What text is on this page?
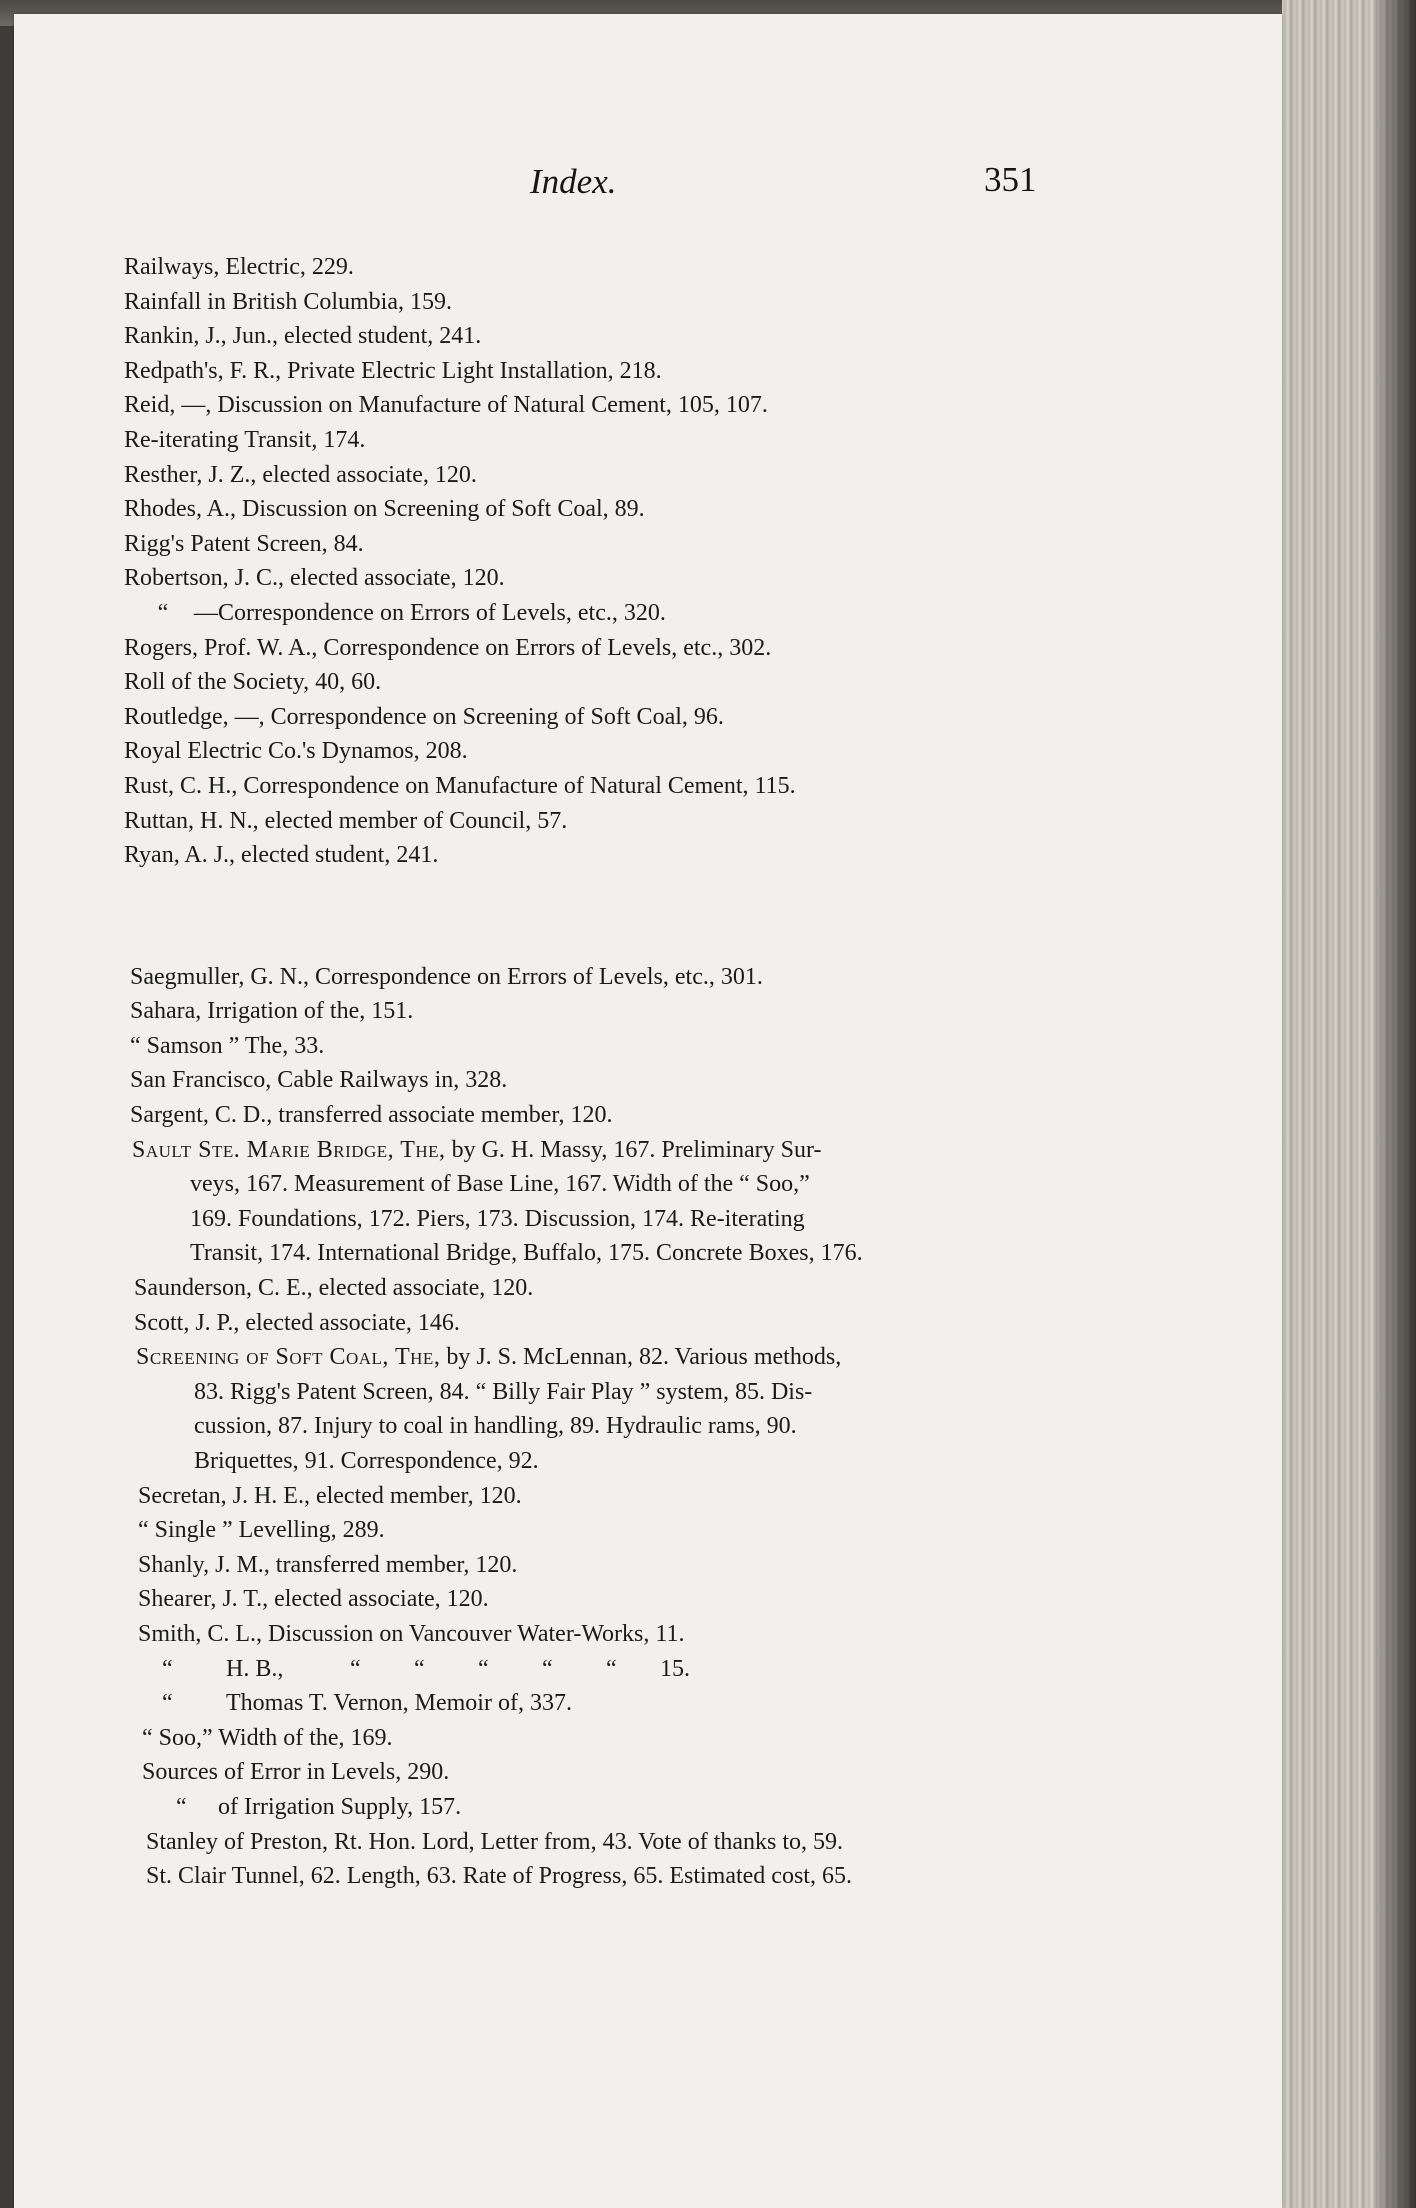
Index.	351
Railways, Electric, 229.
Rainfall in British Columbia, 159.
Rankin, J., Jun., elected student, 241.
Redpath's, F. R., Private Electric Light Installation, 218.
Reid, —, Discussion on Manufacture of Natural Cement, 105, 107.
Re-iterating Transit, 174.
Resther, J. Z., elected associate, 120.
Rhodes, A., Discussion on Screening of Soft Coal, 89.
Rigg's Patent Screen, 84.
Robertson, J. C., elected associate, 120.
“ —Correspondence on Errors of Levels, etc., 320.
Rogers, Prof. W. A., Correspondence on Errors of Levels, etc., 302.
Roll of the Society, 40, 60.
Routledge, —, Correspondence on Screening of Soft Coal, 96.
Royal Electric Co.'s Dynamos, 208.
Rust, C. H., Correspondence on Manufacture of Natural Cement, 115.
Ruttan, H. N., elected member of Council, 57.
Ryan, A. J., elected student, 241.
Saegmuller, G. N., Correspondence on Errors of Levels, etc., 301.
Sahara, Irrigation of the, 151.
“ Samson ” The, 33.
San Francisco, Cable Railways in, 328.
Sargent, C. D., transferred associate member, 120.
Sault Ste. Marie Bridge, The, by G. H. Massy, 167. Preliminary Sur-
veys, 167. Measurement of Base Line, 167. Width of the “ Soo,”
169. Foundations, 172. Piers, 173. Discussion, 174. Re-iterating
Transit, 174. International Bridge, Buffalo, 175. Concrete Boxes, 176.
Saunderson, C. E., elected associate, 120.
Scott, J. P., elected associate, 146.
Screening of Soft Coal, The, by J. S. McLennan, 82. Various methods,
83. Rigg's Patent Screen, 84. “ Billy Fair Play ” system, 85. Dis-
cussion, 87. Injury to coal in handling, 89. Hydraulic rams, 90.
Briquettes, 91. Correspondence, 92.
Secretan, J. H. E., elected member, 120.
“ Single ” Levelling, 289.
Shanly, J. M., transferred member, 120.
Shearer, J. T., elected associate, 120.
Smith, C. L., Discussion on Vancouver Water-Works, 11.
“ H. B.,	“ “ “ “ “ 15.
“ Thomas T. Vernon, Memoir of, 337.
“ Soo,” Width of the, 169.
Sources of Error in Levels, 290.
“ of Irrigation Supply, 157.
Stanley of Preston, Rt. Hon. Lord, Letter from, 43. Vote of thanks to, 59.
St. Clair Tunnel, 62. Length, 63. Rate of Progress, 65. Estimated cost, 65.
